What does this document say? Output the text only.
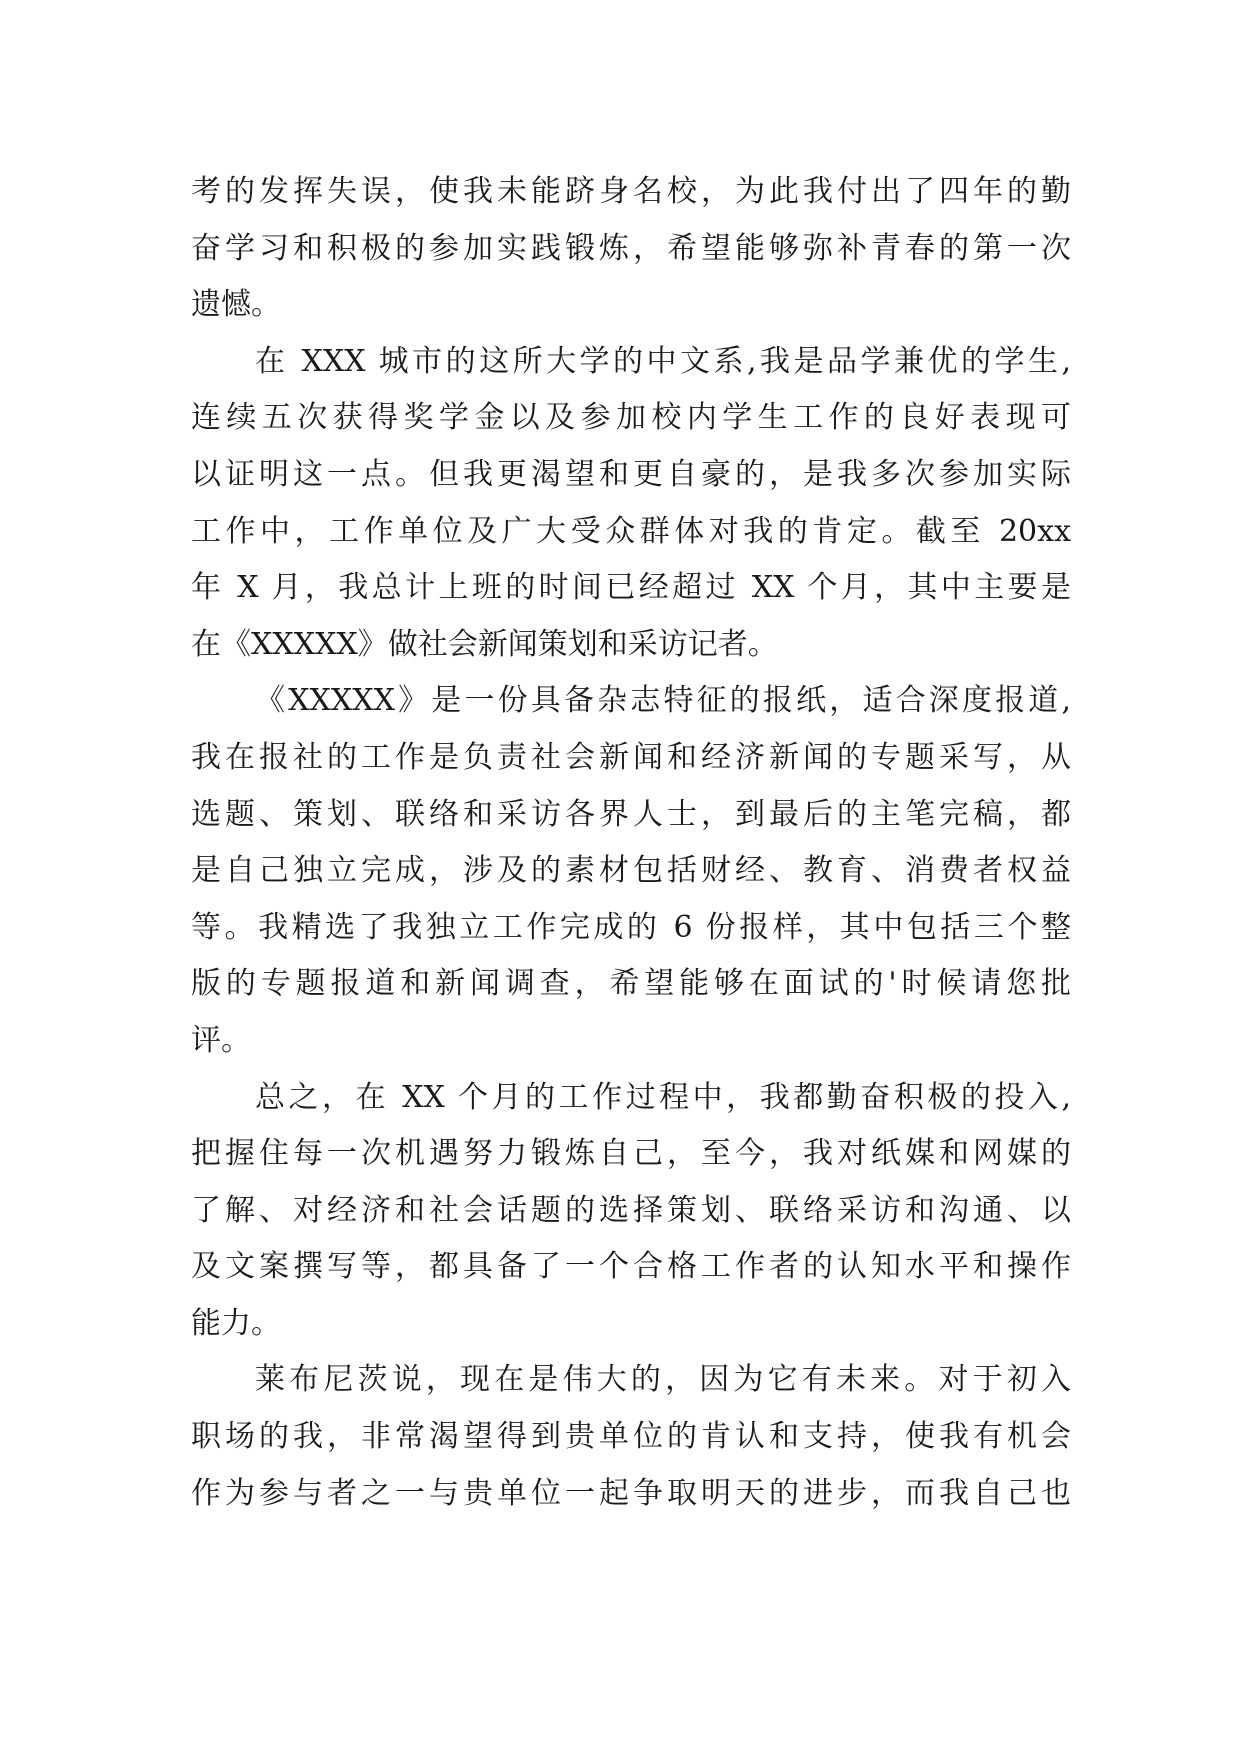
考的发挥失误，使我未能跻身名校，为此我付出了四年的勤
奋学习和积极的参加实践锻炼，希望能够弥补青春的第一次
遗憾。
在 XXX 城市的这所大学的中文系,我是品学兼优的学生,
连续五次获得奖学金以及参加校内学生工作的良好表现可
以证明这一点。但我更渴望和更自豪的，是我多次参加实际
工作中，工作单位及广大受众群体对我的肯定。截至 20xx
年 X 月，我总计上班的时间已经超过 XX 个月，其中主要是
在《XXXXX》做社会新闻策划和采访记者。
《XXXXX》是一份具备杂志特征的报纸，适合深度报道,
我在报社的工作是负责社会新闻和经济新闻的专题采写，从
选题、策划、联络和采访各界人士，到最后的主笔完稿，都
是自己独立完成，涉及的素材包括财经、教育、消费者权益
等。我精选了我独立工作完成的 6 份报样，其中包括三个整
版的专题报道和新闻调查，希望能够在面试的'时候请您批
评。
总之，在 XX 个月的工作过程中，我都勤奋积极的投入,
把握住每一次机遇努力锻炼自己，至今，我对纸媒和网媒的
了解、对经济和社会话题的选择策划、联络采访和沟通、以
及文案撰写等，都具备了一个合格工作者的认知水平和操作
能力。
莱布尼茨说，现在是伟大的，因为它有未来。对于初入
职场的我，非常渴望得到贵单位的肯认和支持，使我有机会
作为参与者之一与贵单位一起争取明天的进步，而我自己也
